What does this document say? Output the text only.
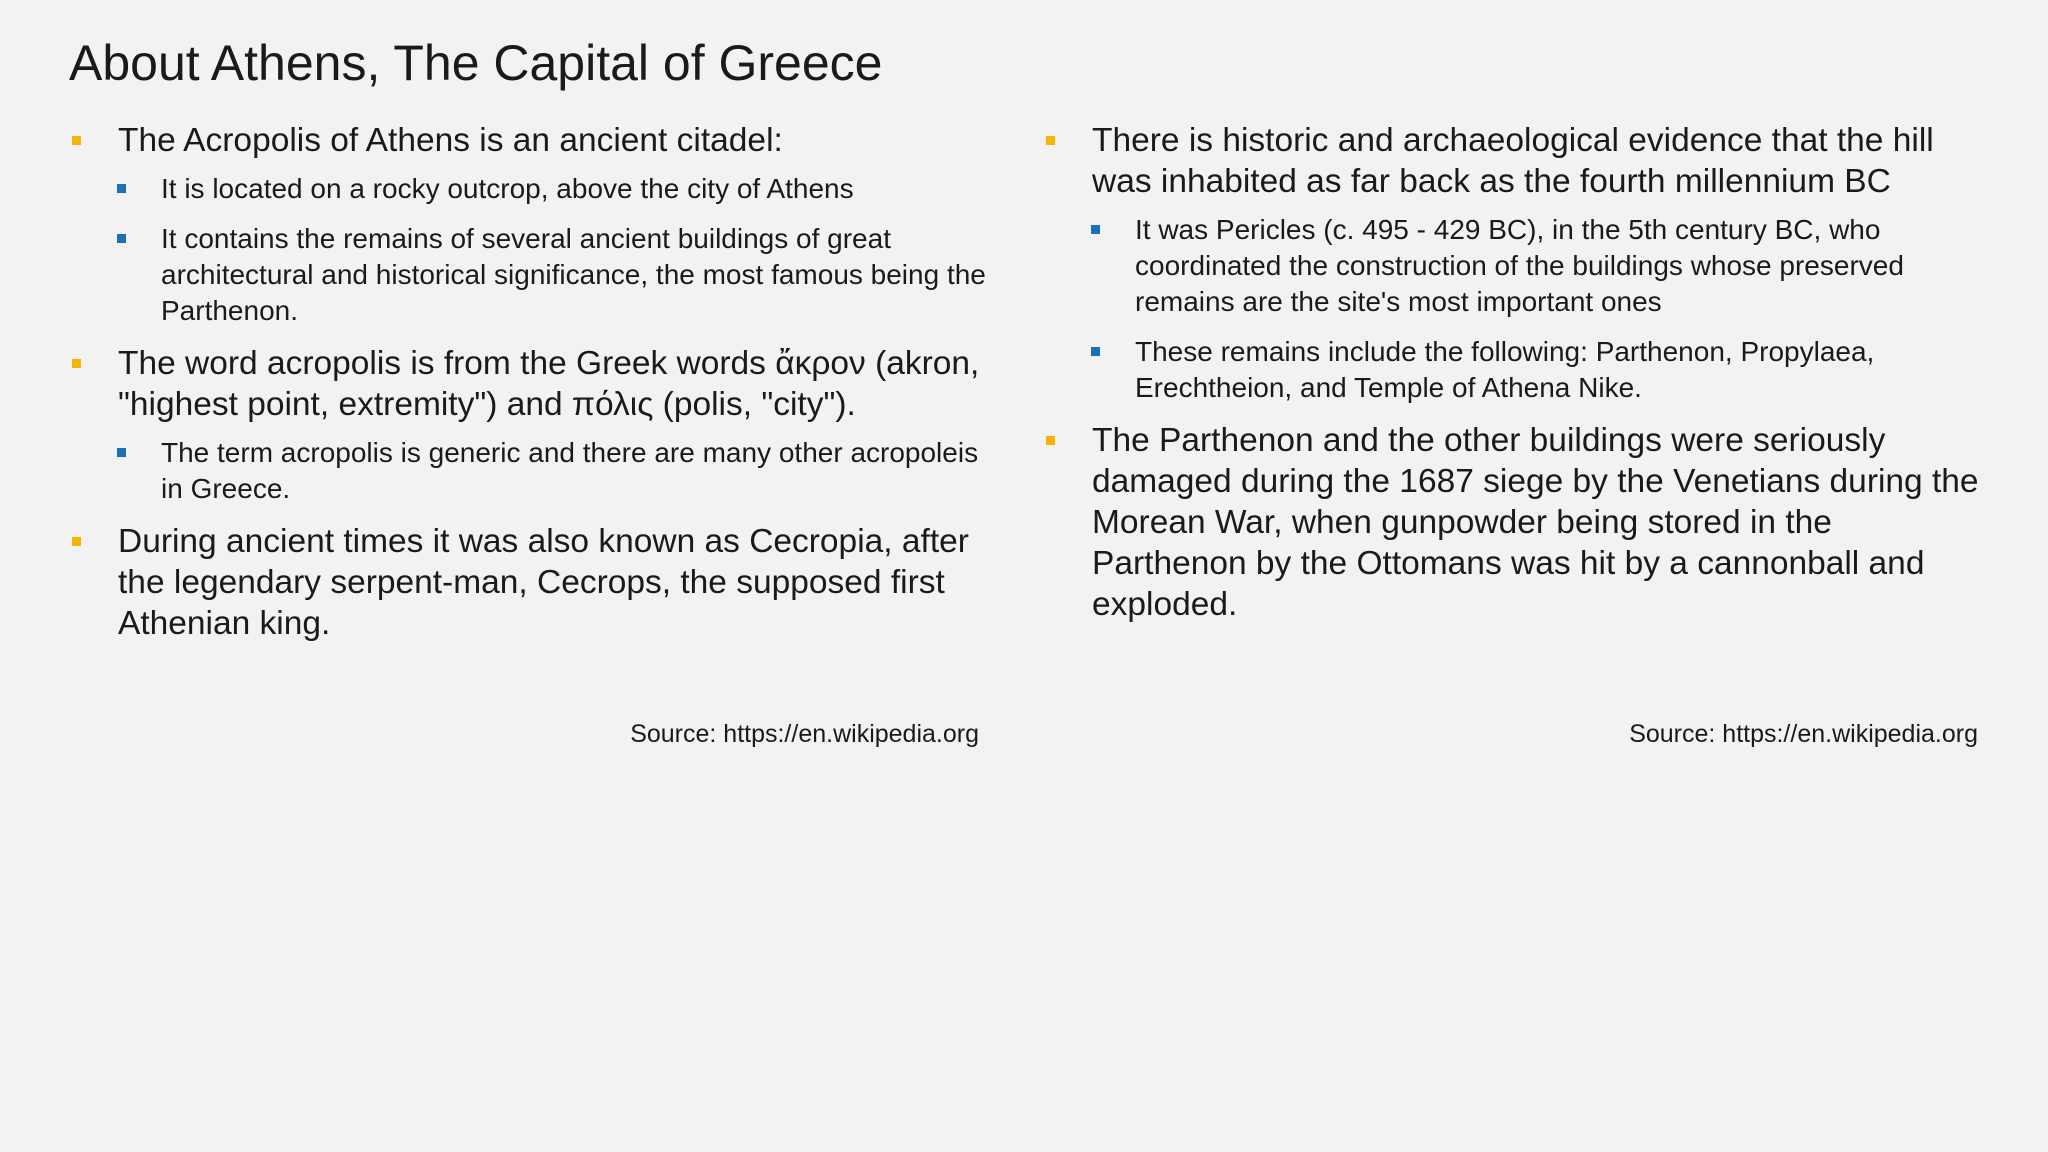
About Athens, The Capital of Greece
The Acropolis of Athens is an ancient citadel:
It is located on a rocky outcrop, above the city of Athens
It contains the remains of several ancient buildings of great architectural and historical significance, the most famous being the Parthenon.
The word acropolis is from the Greek words ἄκρον (akron, "highest point, extremity") and πόλις (polis, "city").
The term acropolis is generic and there are many other acropoleis in Greece.
During ancient times it was also known as Cecropia, after the legendary serpent-man, Cecrops, the supposed first Athenian king.
Source: https://en.wikipedia.org
There is historic and archaeological evidence that the hill was inhabited as far back as the fourth millennium BC
It was Pericles (c. 495 - 429 BC), in the 5th century BC, who coordinated the construction of the buildings whose preserved remains are the site's most important ones
These remains include the following: Parthenon, Propylaea, Erechtheion, and Temple of Athena Nike.
The Parthenon and the other buildings were seriously damaged during the 1687 siege by the Venetians during the Morean War, when gunpowder being stored in the Parthenon by the Ottomans was hit by a cannonball and exploded.
Source: https://en.wikipedia.org
